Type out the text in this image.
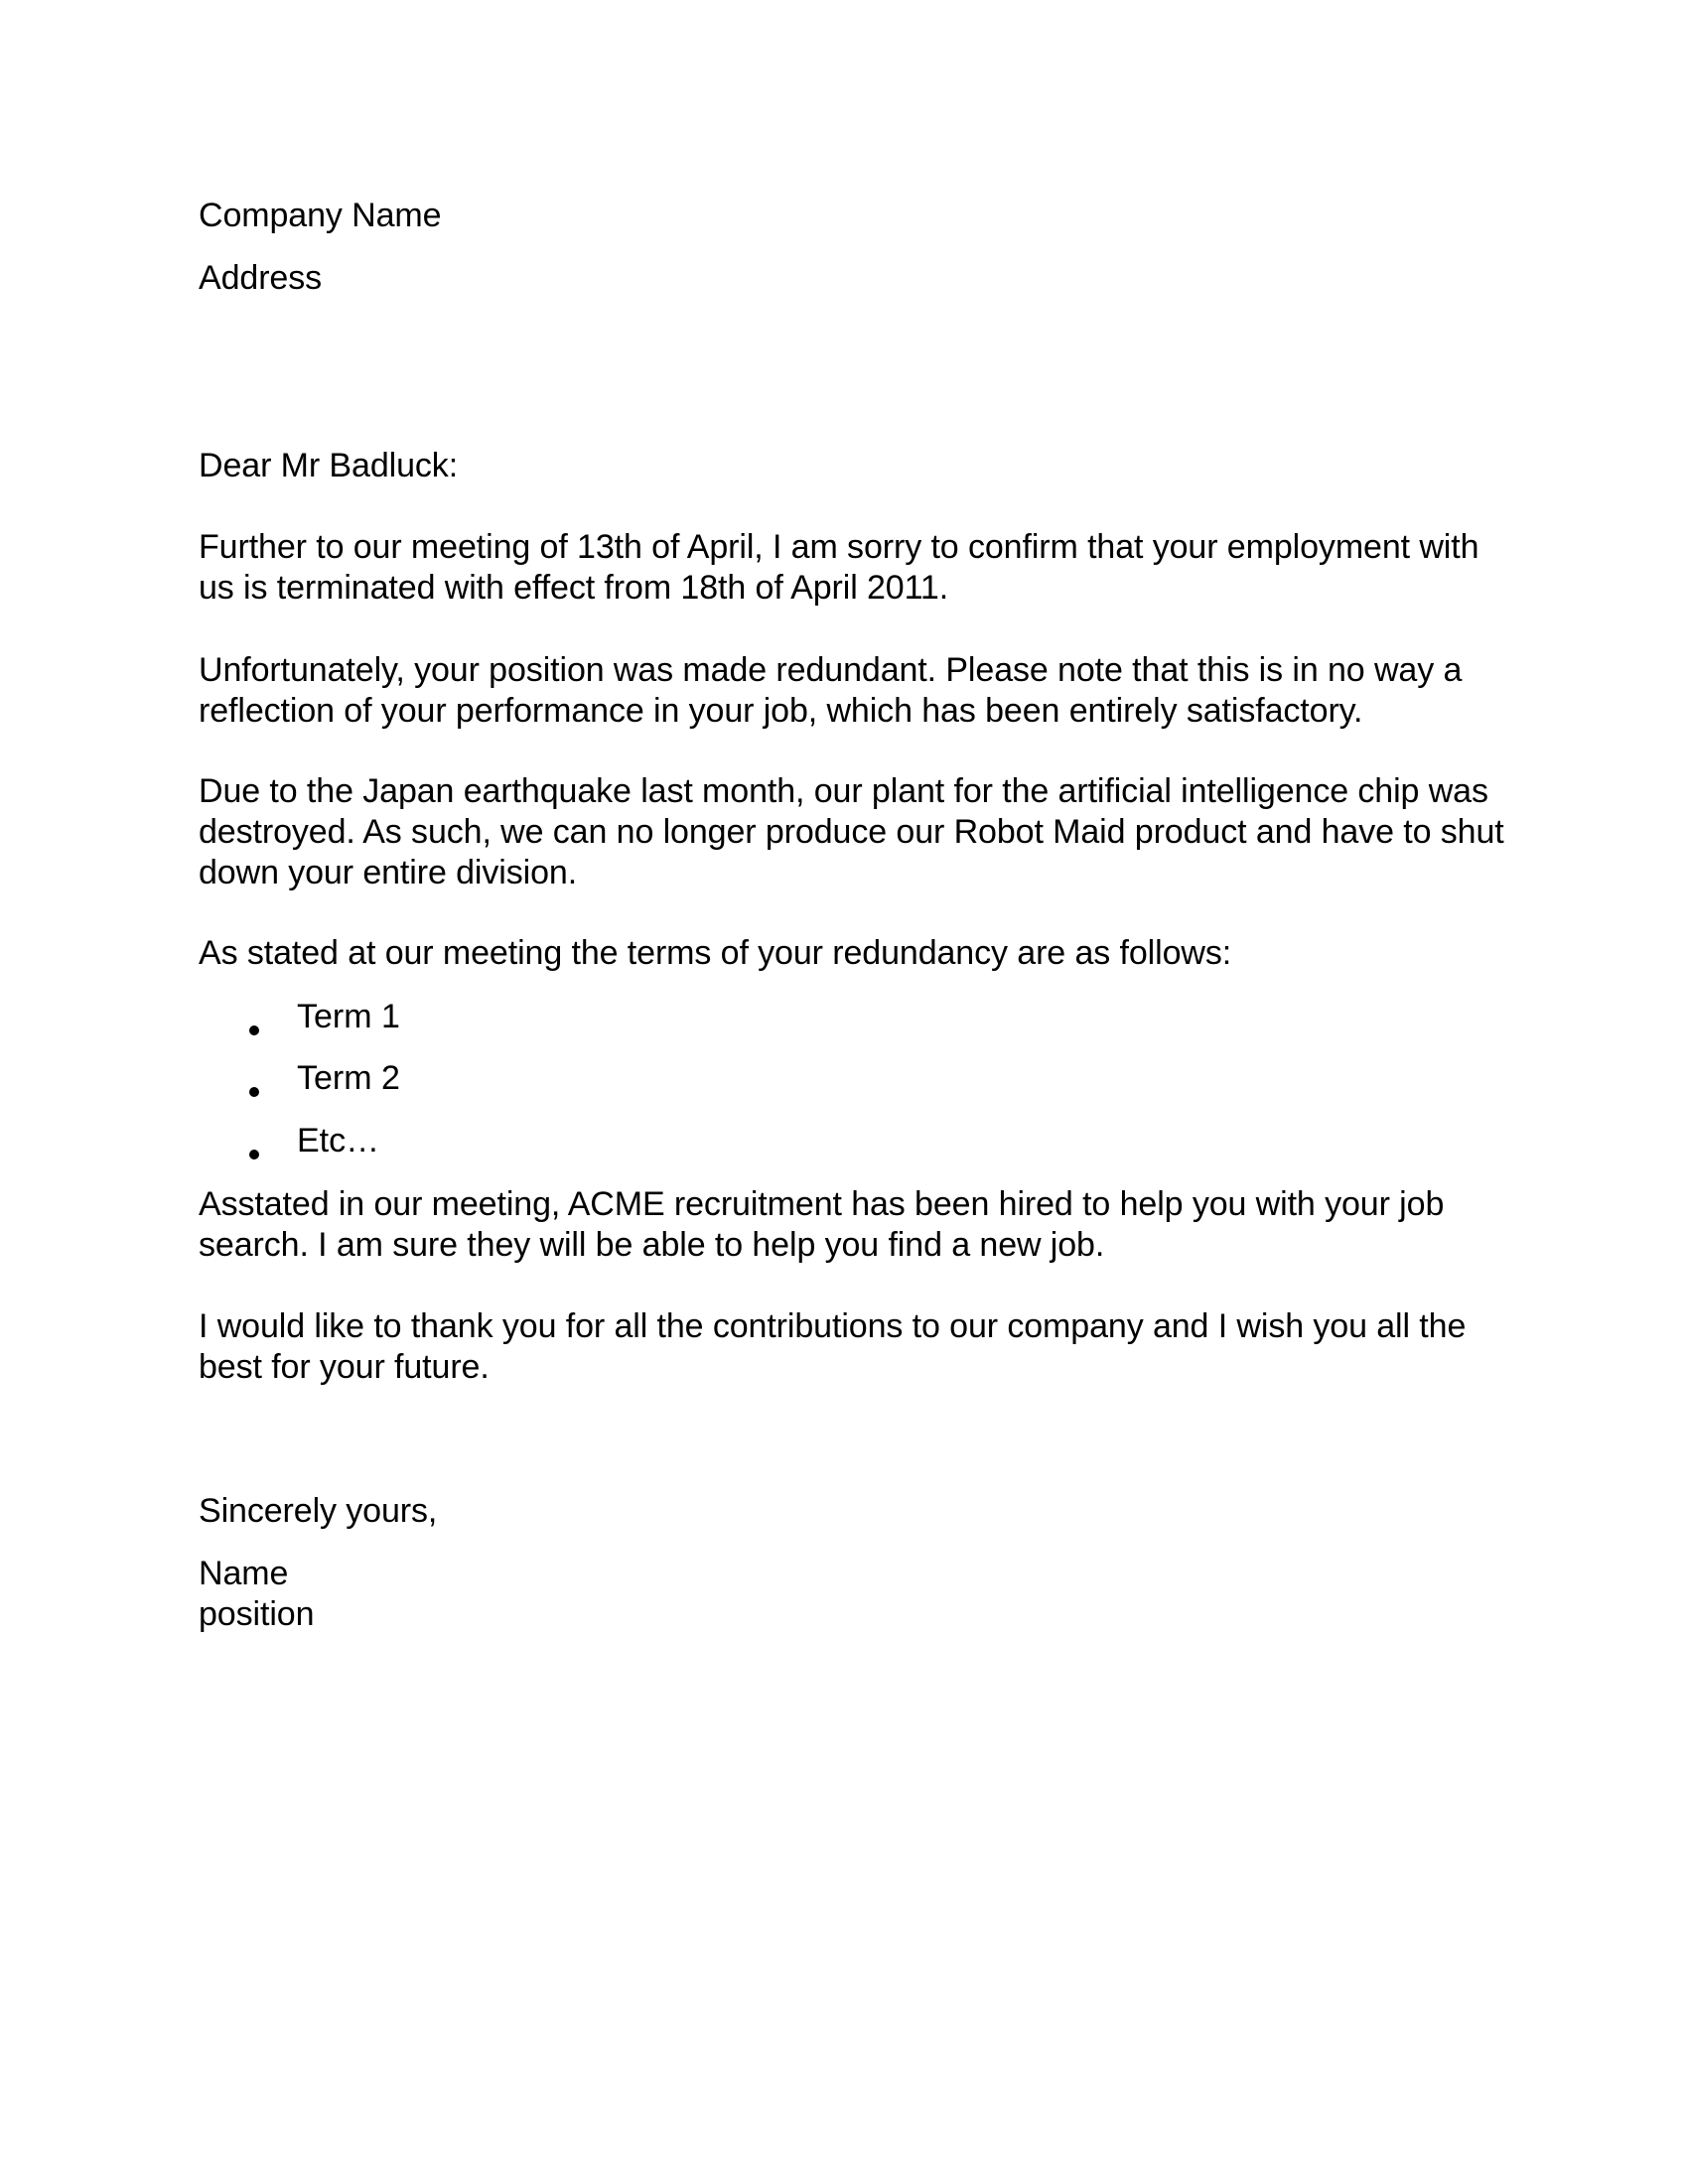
Company Name
Address
Dear Mr Badluck:
Further to our meeting of 13th of April, I am sorry to confirm that your employment with
us is terminated with effect from 18th of April 2011.
Unfortunately, your position was made redundant. Please note that this is in no way a
reflection of your performance in your job, which has been entirely satisfactory.
Due to the Japan earthquake last month, our plant for the artificial intelligence chip was
destroyed. As such, we can no longer produce our Robot Maid product and have to shut
down your entire division.
As stated at our meeting the terms of your redundancy are as follows:
Term 1
Term 2
Etc…
Asstated in our meeting, ACME recruitment has been hired to help you with your job
search. I am sure they will be able to help you find a new job.
I would like to thank you for all the contributions to our company and I wish you all the
best for your future.
Sincerely yours,
Name
position
